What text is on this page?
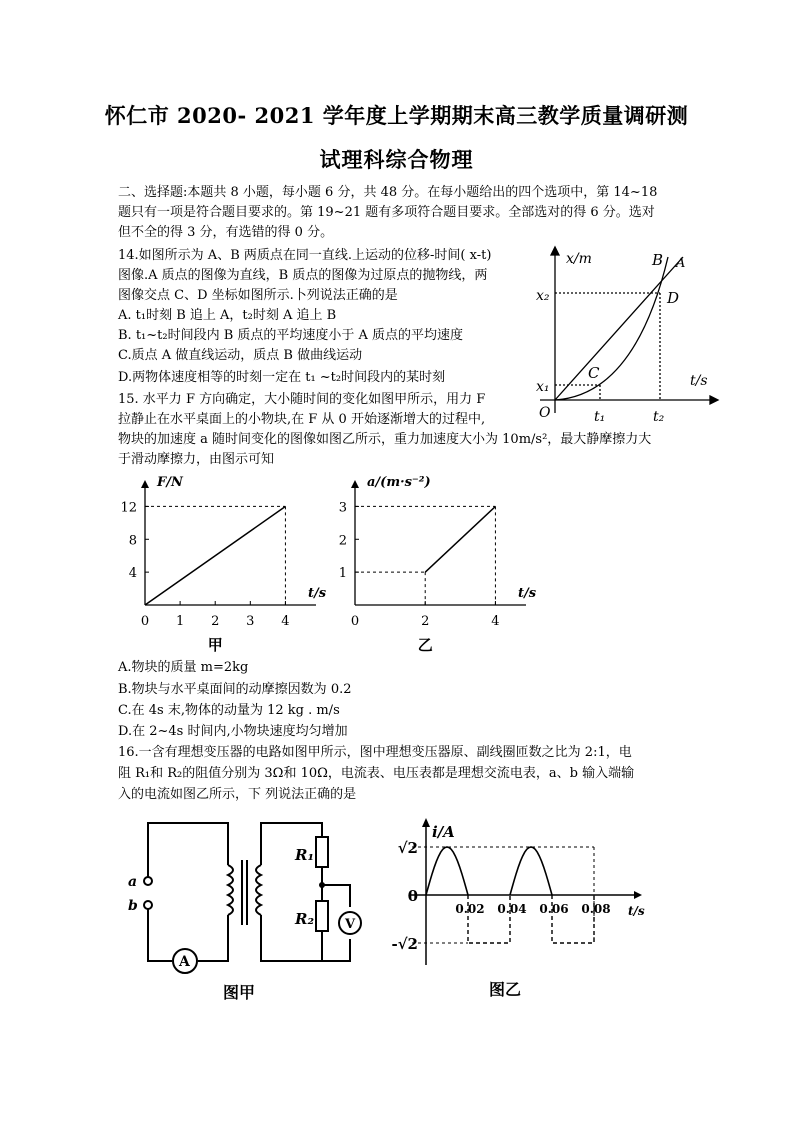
怀仁市 2020- 2021 学年度上学期期末高三教学质量调研测
试理科综合物理
二、选择题:本题共 8 小题，每小题 6 分，共 48 分。在每小题给出的四个选项中，第 14~18
题只有一项是符合题目要求的。第 19~21 题有多项符合题目要求。全部选对的得 6 分。选对
但不全的得 3 分，有选错的得 0 分。
14.如图所示为 A、B 两质点在同一直线.上运动的位移-时间( x-t)
图像.A 质点的图像为直线，B 质点的图像为过原点的抛物线，两
图像交点 C、D 坐标如图所示.卜列说法正确的是
A. t₁时刻 B 追上 A，t₂时刻 A 追上 B
B. t₁~t₂时间段内 B 质点的平均速度小于 A 质点的平均速度
C.质点 A 做直线运动，质点 B 做曲线运动
D.两物体速度相等的时刻一定在 t₁ ~t₂时间段内的某时刻
15. 水平力 F 方向确定，大小随时间的变化如图甲所示，用力 F
拉静止在水平桌面上的小物块,在 F 从 0 开始逐渐增大的过程中,
物块的加速度 a 随时间变化的图像如图乙所示，重力加速度大小为 10m/s²，最大静摩擦力大
于滑动摩擦力，由图示可知
x/m
t/s
O
B A
C
D
x₁
x₂
t₁	t₂
4
8
12
0 1 2 3 4
F/N
t/s
甲
1
2
3
0	2	4
a/(m·s⁻²)
t/s
乙
A.物块的质量 m=2kg
B.物块与水平桌面间的动摩擦因数为 0.2
C.在 4s 末,物体的动量为 12 kg . m/s
D.在 2~4s 时间内,小物块速度均匀增加
16.一含有理想变压器的电路如图甲所示，图中理想变压器原、副线圈匝数之比为 2:1，电
阻 R₁和 R₂的阻值分别为 3Ω和 10Ω，电流表、电压表都是理想交流电表，a、b 输入端输
入的电流如图乙所示，下 列说法正确的是
a
b
R₁
R₂ V
A
图甲
i/A
t/s
√2
0
-√2
0.02 0.04 0.06 0.08
图乙
